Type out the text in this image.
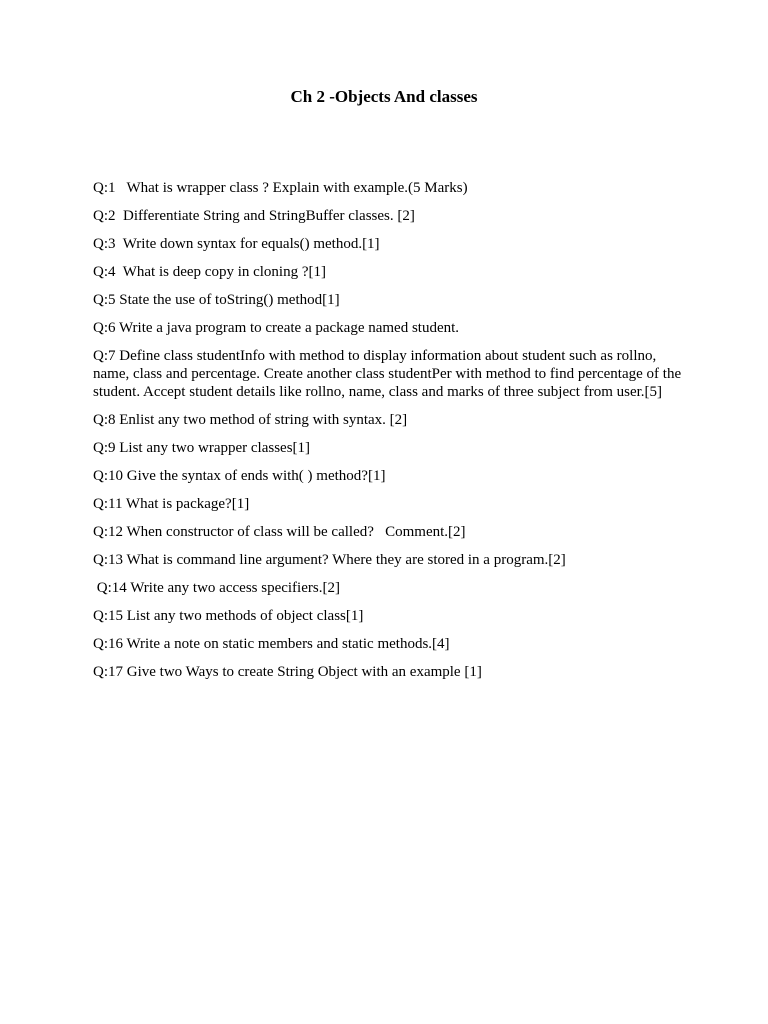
Ch 2 -Objects And classes
Q:1   What is wrapper class ? Explain with example.(5 Marks)
Q:2  Differentiate String and StringBuffer classes. [2]
Q:3  Write down syntax for equals() method.[1]
Q:4  What is deep copy in cloning ?[1]
Q:5 State the use of toString() method[1]
Q:6 Write a java program to create a package named student.
Q:7 Define class studentInfo with method to display information about student such as rollno, name, class and percentage. Create another class studentPer with method to find percentage of the student. Accept student details like rollno, name, class and marks of three subject from user.[5]
Q:8 Enlist any two method of string with syntax. [2]
Q:9 List any two wrapper classes[1]
Q:10 Give the syntax of ends with( ) method?[1]
Q:11 What is package?[1]
Q:12 When constructor of class will be called?   Comment.[2]
Q:13 What is command line argument? Where they are stored in a program.[2]
Q:14 Write any two access specifiers.[2]
Q:15 List any two methods of object class[1]
Q:16 Write a note on static members and static methods.[4]
Q:17 Give two Ways to create String Object with an example [1]
